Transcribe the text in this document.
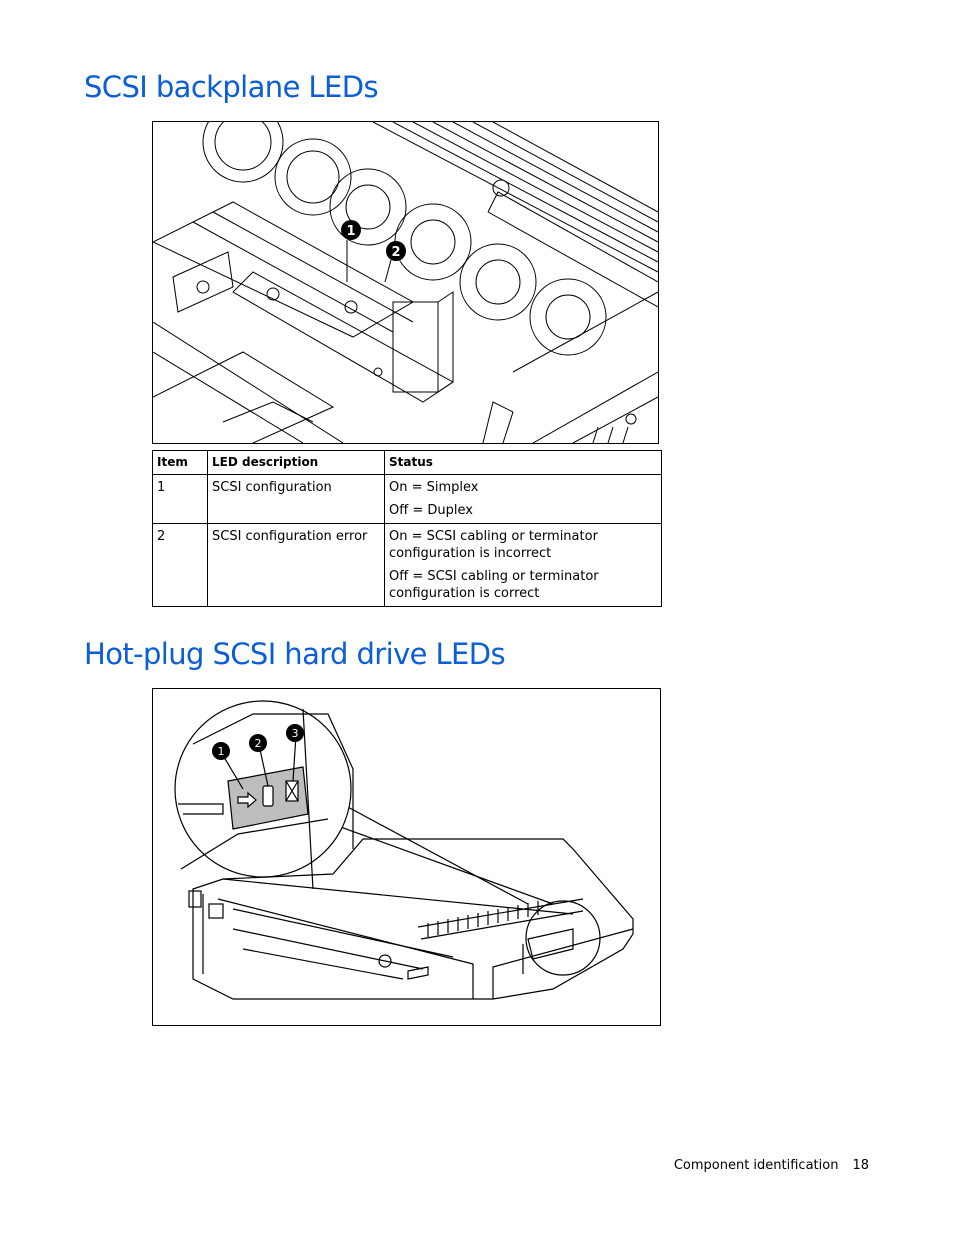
SCSI backplane LEDs
1
2
Item	LED description	Status
1	SCSI configuration	On = Simplex

Off = Duplex

2	SCSI configuration error	On = SCSI cabling or terminator configuration is incorrect

Off = SCSI cabling or terminator configuration is correct

Hot-plug SCSI hard drive LEDs
1
2
3
Component identification 18
